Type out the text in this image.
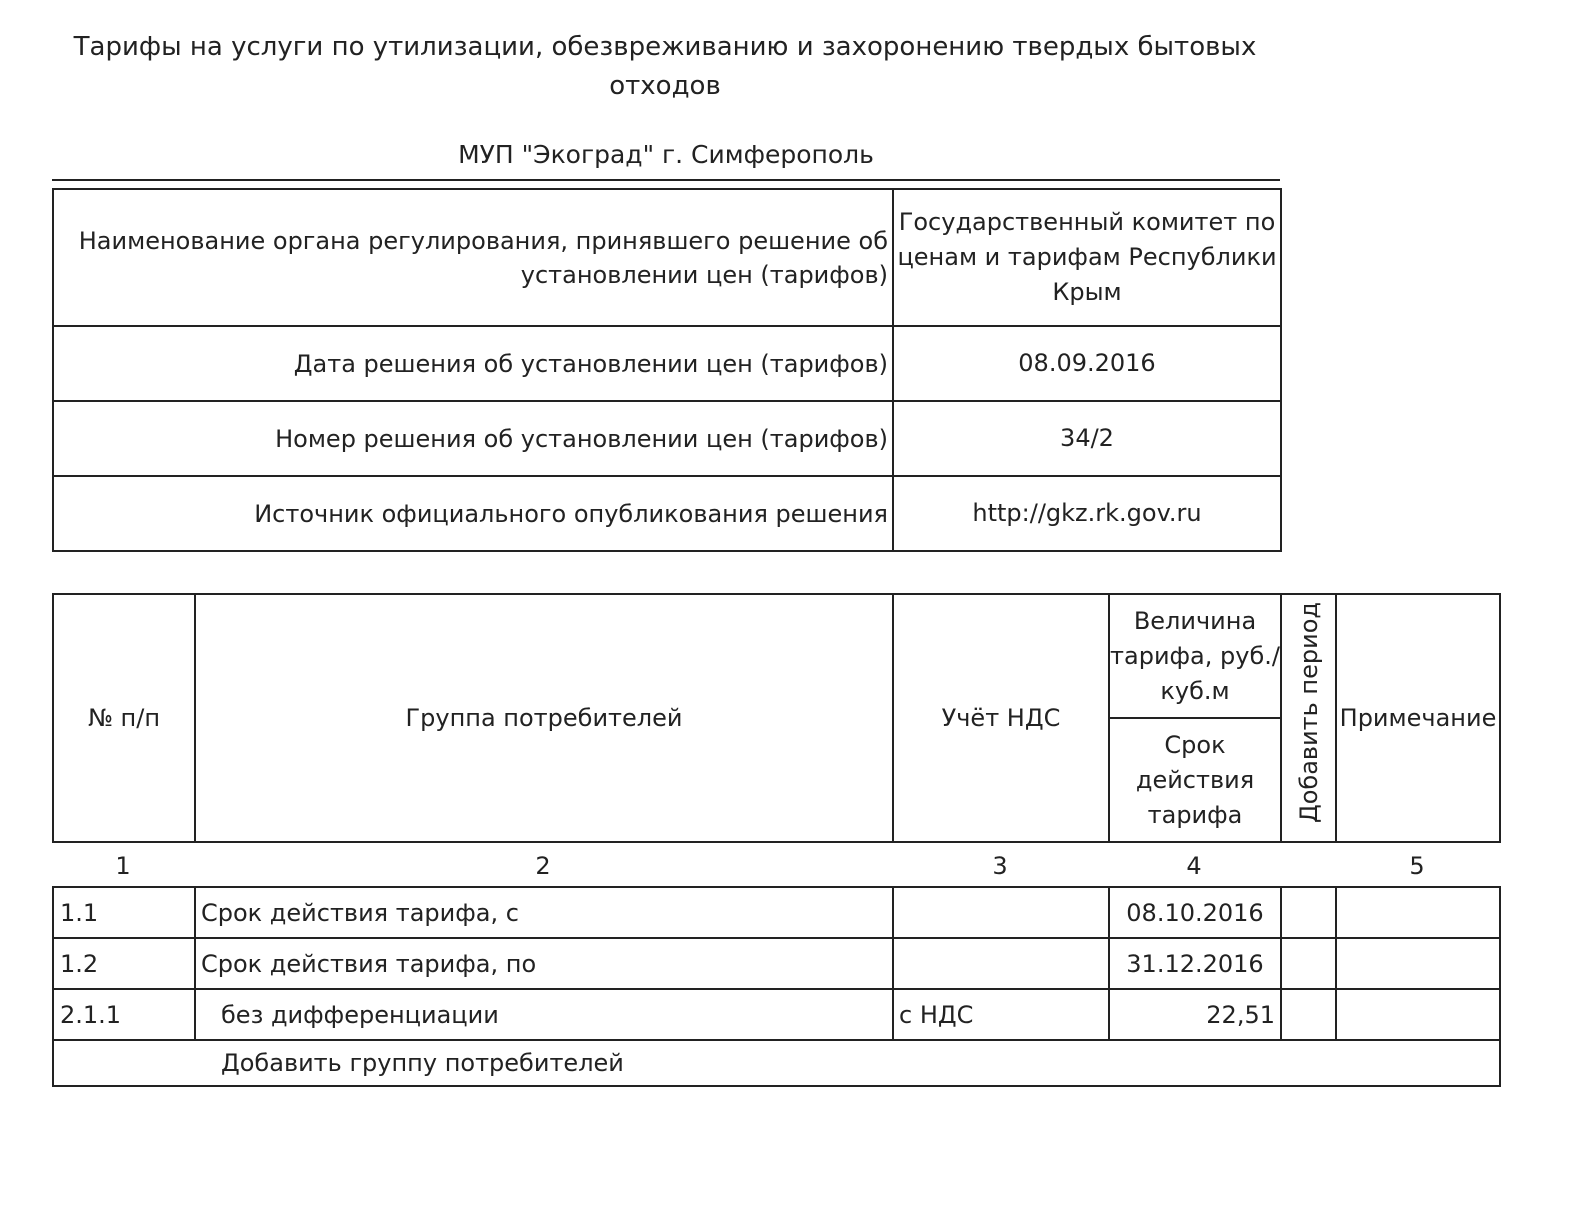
Тарифы на услуги по утилизации, обезвреживанию и захоронению твердых бытовых отходов
МУП "Экоград" г. Симферополь
Наименование органа регулирования, принявшего решение об установлении цен (тарифов)	Государственный комитет по ценам и тарифам Республики Крым
Дата решения об установлении цен (тарифов)	08.09.2016
Номер решения об установлении цен (тарифов)	34/2
Источник официального опубликования решения	http://gkz.rk.gov.ru
№ п/п	Группа потребителей	Учёт НДС	Величина тарифа, руб./куб.м	Добавить период	Примечание
Срок действия тарифа
1	2	3	4	5
1.1	Срок действия тарифа, с		08.10.2016		
1.2	Срок действия тарифа, по		31.12.2016		
2.1.1	без дифференциации	с НДС	22,51		
Добавить группу потребителей					
